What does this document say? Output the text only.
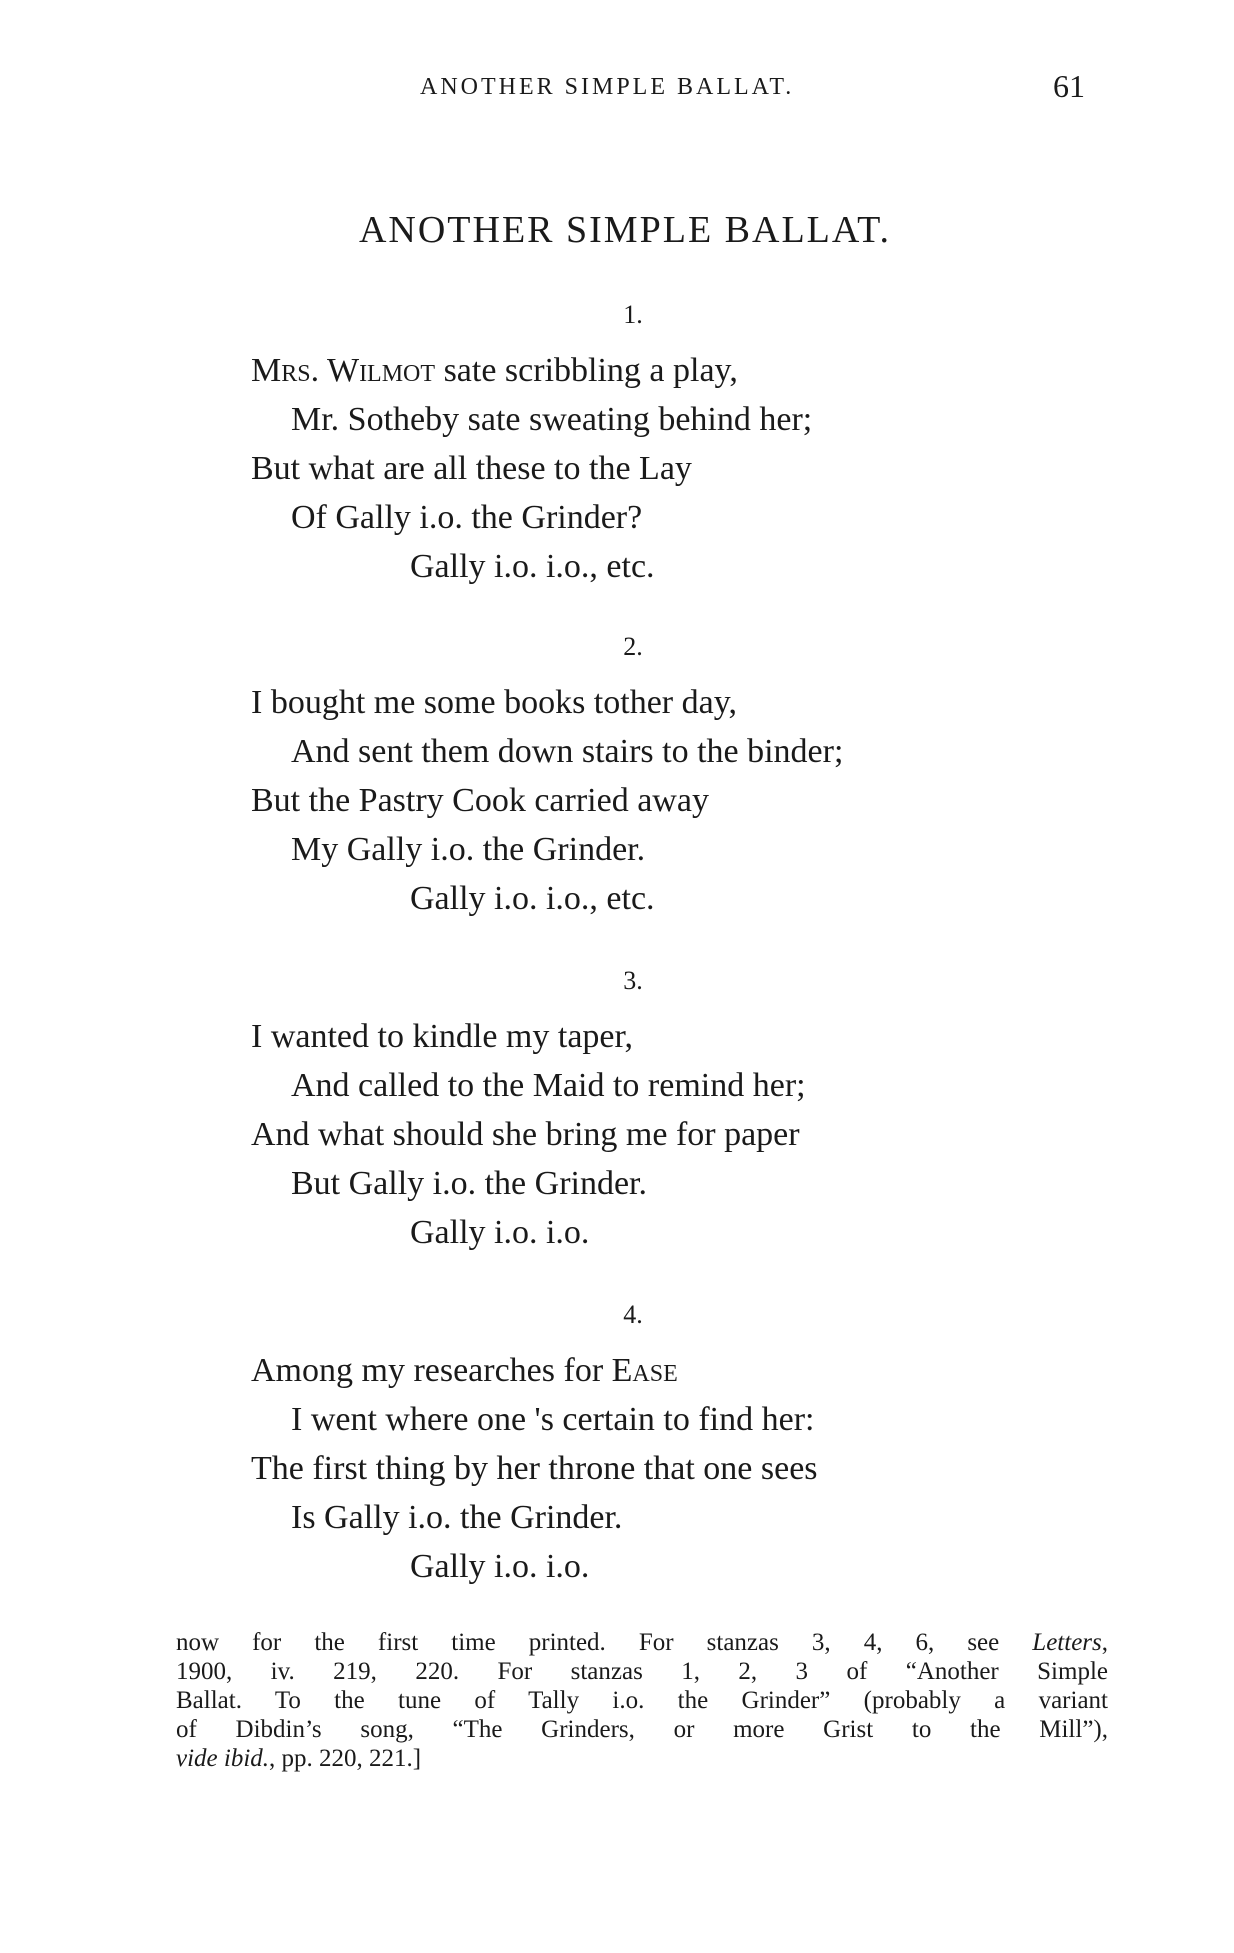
ANOTHER SIMPLE BALLAT.	61
ANOTHER SIMPLE BALLAT.
1.
Mrs. Wilmot sate scribbling a play,
Mr. Sotheby sate sweating behind her;
But what are all these to the Lay
Of Gally i.o. the Grinder?
Gally i.o. i.o., etc.
2.
I bought me some books tother day,
And sent them down stairs to the binder;
But the Pastry Cook carried away
My Gally i.o. the Grinder.
Gally i.o. i.o., etc.
3.
I wanted to kindle my taper,
And called to the Maid to remind her;
And what should she bring me for paper
But Gally i.o. the Grinder.
Gally i.o. i.o.
4.
Among my researches for Ease
I went where one 's certain to find her:
The first thing by her throne that one sees
Is Gally i.o. the Grinder.
Gally i.o. i.o.
now for the first time printed. For stanzas 3, 4, 6, see Letters,
1900, iv. 219, 220. For stanzas 1, 2, 3 of “Another Simple
Ballat. To the tune of Tally i.o. the Grinder” (probably a variant
of Dibdin’s song, “The Grinders, or more Grist to the Mill”),
vide ibid., pp. 220, 221.]
